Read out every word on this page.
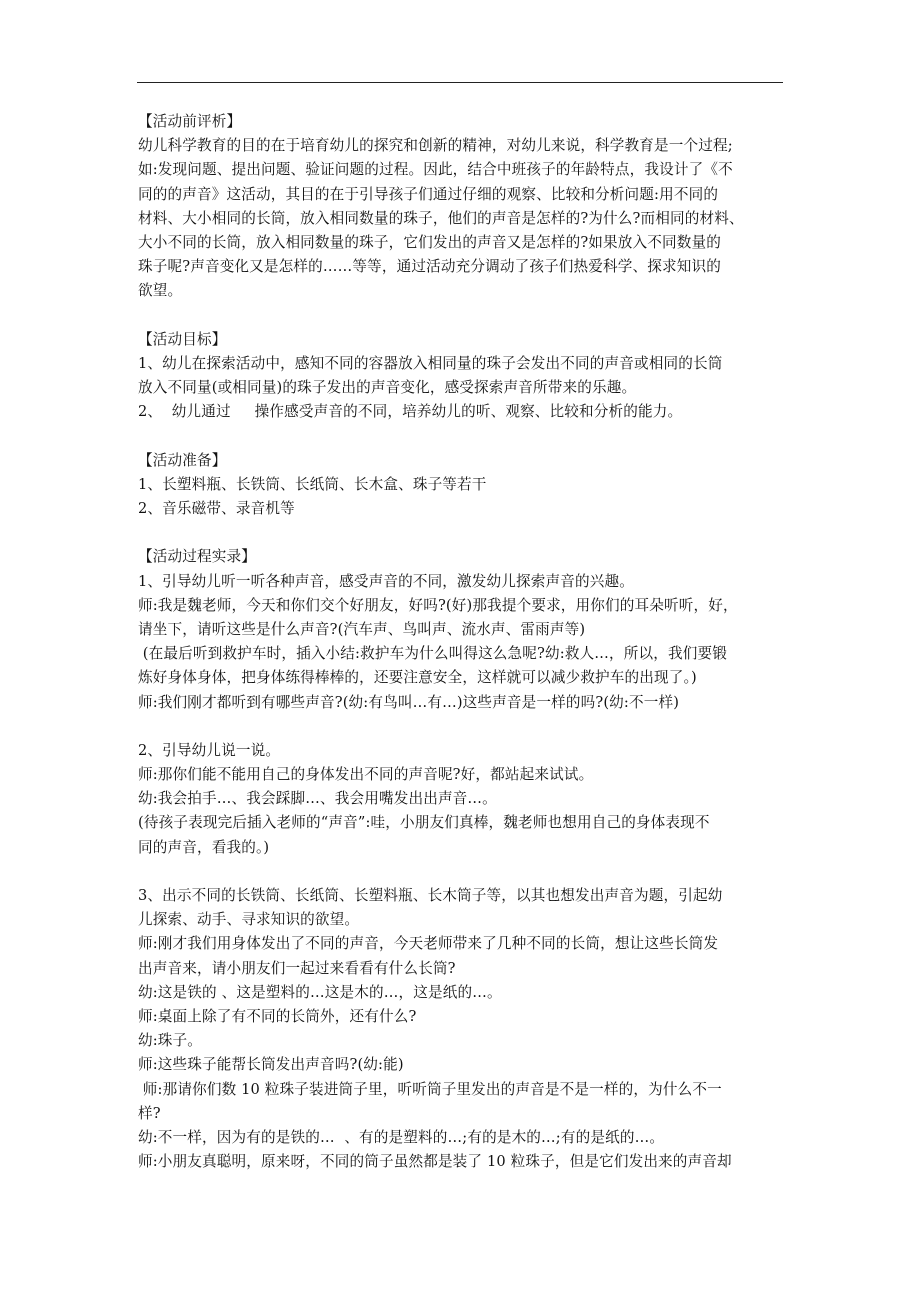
【活动前评析】
幼儿科学教育的目的在于培育幼儿的探究和创新的精神，对幼儿来说，科学教育是一个过程;
如:发现问题、提出问题、验证问题的过程。因此，结合中班孩子的年龄特点，我设计了《不
同的的声音》这活动，其目的在于引导孩子们通过仔细的观察、比较和分析问题:用不同的
材料、大小相同的长筒，放入相同数量的珠子，他们的声音是怎样的?为什么?而相同的材料、
大小不同的长筒，放入相同数量的珠子，它们发出的声音又是怎样的?如果放入不同数量的
珠子呢?声音变化又是怎样的……等等，通过活动充分调动了孩子们热爱科学、探求知识的
欲望。
【活动目标】
1、幼儿在探索活动中，感知不同的容器放入相同量的珠子会发出不同的声音或相同的长筒
放入不同量(或相同量)的珠子发出的声音变化，感受探索声音所带来的乐趣。
2、  幼儿通过     操作感受声音的不同，培养幼儿的听、观察、比较和分析的能力。
【活动准备】
1、长塑料瓶、长铁筒、长纸筒、长木盒、珠子等若干
2、音乐磁带、录音机等
【活动过程实录】
1、引导幼儿听一听各种声音，感受声音的不同，激发幼儿探索声音的兴趣。
师:我是魏老师，今天和你们交个好朋友，好吗?(好)那我提个要求，用你们的耳朵听听，好，
请坐下，请听这些是什么声音?(汽车声、鸟叫声、流水声、雷雨声等)
(在最后听到救护车时，插入小结:救护车为什么叫得这么急呢?幼:救人…，所以，我们要锻
炼好身体身体，把身体练得棒棒的，还要注意安全，这样就可以减少救护车的出现了。)
师:我们刚才都听到有哪些声音?(幼:有鸟叫…有…)这些声音是一样的吗?(幼:不一样)
2、引导幼儿说一说。
师:那你们能不能用自己的身体发出不同的声音呢?好，都站起来试试。
幼:我会拍手…、我会踩脚…、我会用嘴发出出声音…。
(待孩子表现完后插入老师的“声音”:哇，小朋友们真棒，魏老师也想用自己的身体表现不
同的声音，看我的。)
3、出示不同的长铁筒、长纸筒、长塑料瓶、长木筒子等，以其也想发出声音为题，引起幼
儿探索、动手、寻求知识的欲望。
师:刚才我们用身体发出了不同的声音，今天老师带来了几种不同的长筒，想让这些长筒发
出声音来，请小朋友们一起过来看看有什么长筒?
幼:这是铁的 、这是塑料的…这是木的…，这是纸的…。
师:桌面上除了有不同的长筒外，还有什么?
幼:珠子。
师:这些珠子能帮长筒发出声音吗?(幼:能)
师:那请你们数 10 粒珠子装进筒子里，听听筒子里发出的声音是不是一样的，为什么不一
样?
幼:不一样，因为有的是铁的…  、有的是塑料的…;有的是木的…;有的是纸的…。
师:小朋友真聪明，原来呀，不同的筒子虽然都是装了 10 粒珠子，但是它们发出来的声音却
